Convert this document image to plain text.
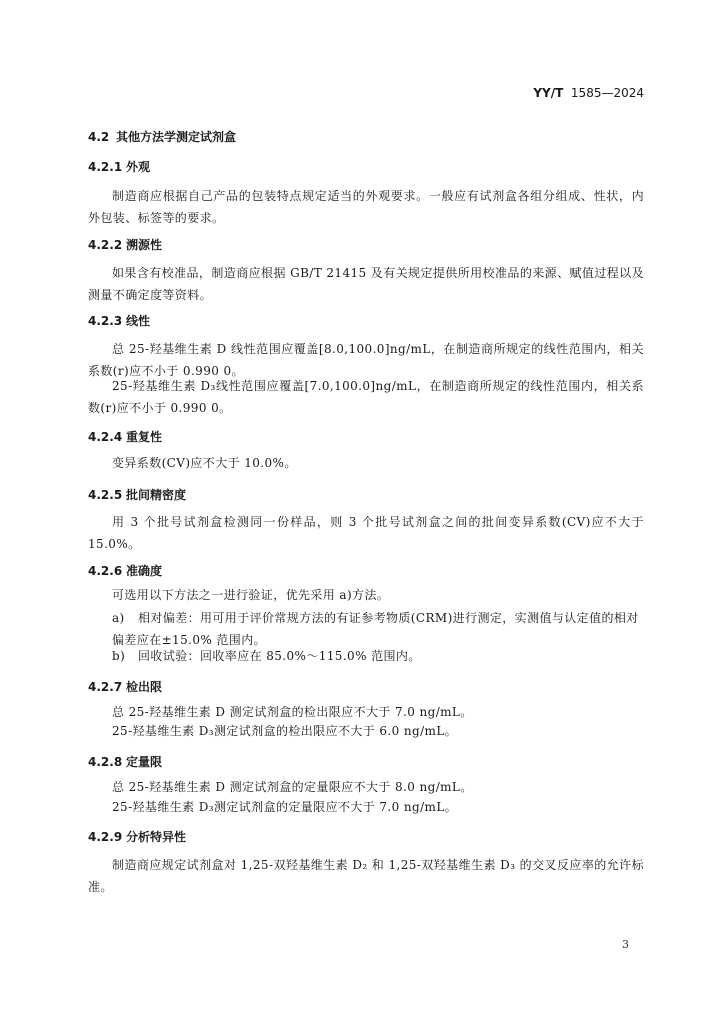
YY/T 1585—2024
4.2 其他方法学测定试剂盒
4.2.1 外观
制造商应根据自己产品的包装特点规定适当的外观要求。一般应有试剂盒各组分组成、性状，内外包装、标签等的要求。
4.2.2 溯源性
如果含有校准品，制造商应根据 GB/T 21415 及有关规定提供所用校准品的来源、赋值过程以及测量不确定度等资料。
4.2.3 线性
总 25-羟基维生素 D 线性范围应覆盖[8.0,100.0]ng/mL，在制造商所规定的线性范围内，相关系数(r)应不小于 0.990 0。
25-羟基维生素 D₃线性范围应覆盖[7.0,100.0]ng/mL，在制造商所规定的线性范围内，相关系数(r)应不小于 0.990 0。
4.2.4 重复性
变异系数(CV)应不大于 10.0%。
4.2.5 批间精密度
用 3 个批号试剂盒检测同一份样品，则 3 个批号试剂盒之间的批间变异系数(CV)应不大于 15.0%。
4.2.6 准确度
可选用以下方法之一进行验证，优先采用 a)方法。
a) 相对偏差：用可用于评价常规方法的有证参考物质(CRM)进行测定，实测值与认定值的相对偏差应在±15.0% 范围内。
b) 回收试验：回收率应在 85.0%～115.0% 范围内。
4.2.7 检出限
总 25-羟基维生素 D 测定试剂盒的检出限应不大于 7.0 ng/mL。
25-羟基维生素 D₃测定试剂盒的检出限应不大于 6.0 ng/mL。
4.2.8 定量限
总 25-羟基维生素 D 测定试剂盒的定量限应不大于 8.0 ng/mL。
25-羟基维生素 D₃测定试剂盒的定量限应不大于 7.0 ng/mL。
4.2.9 分析特异性
制造商应规定试剂盒对 1,25-双羟基维生素 D₂ 和 1,25-双羟基维生素 D₃ 的交叉反应率的允许标准。
3
